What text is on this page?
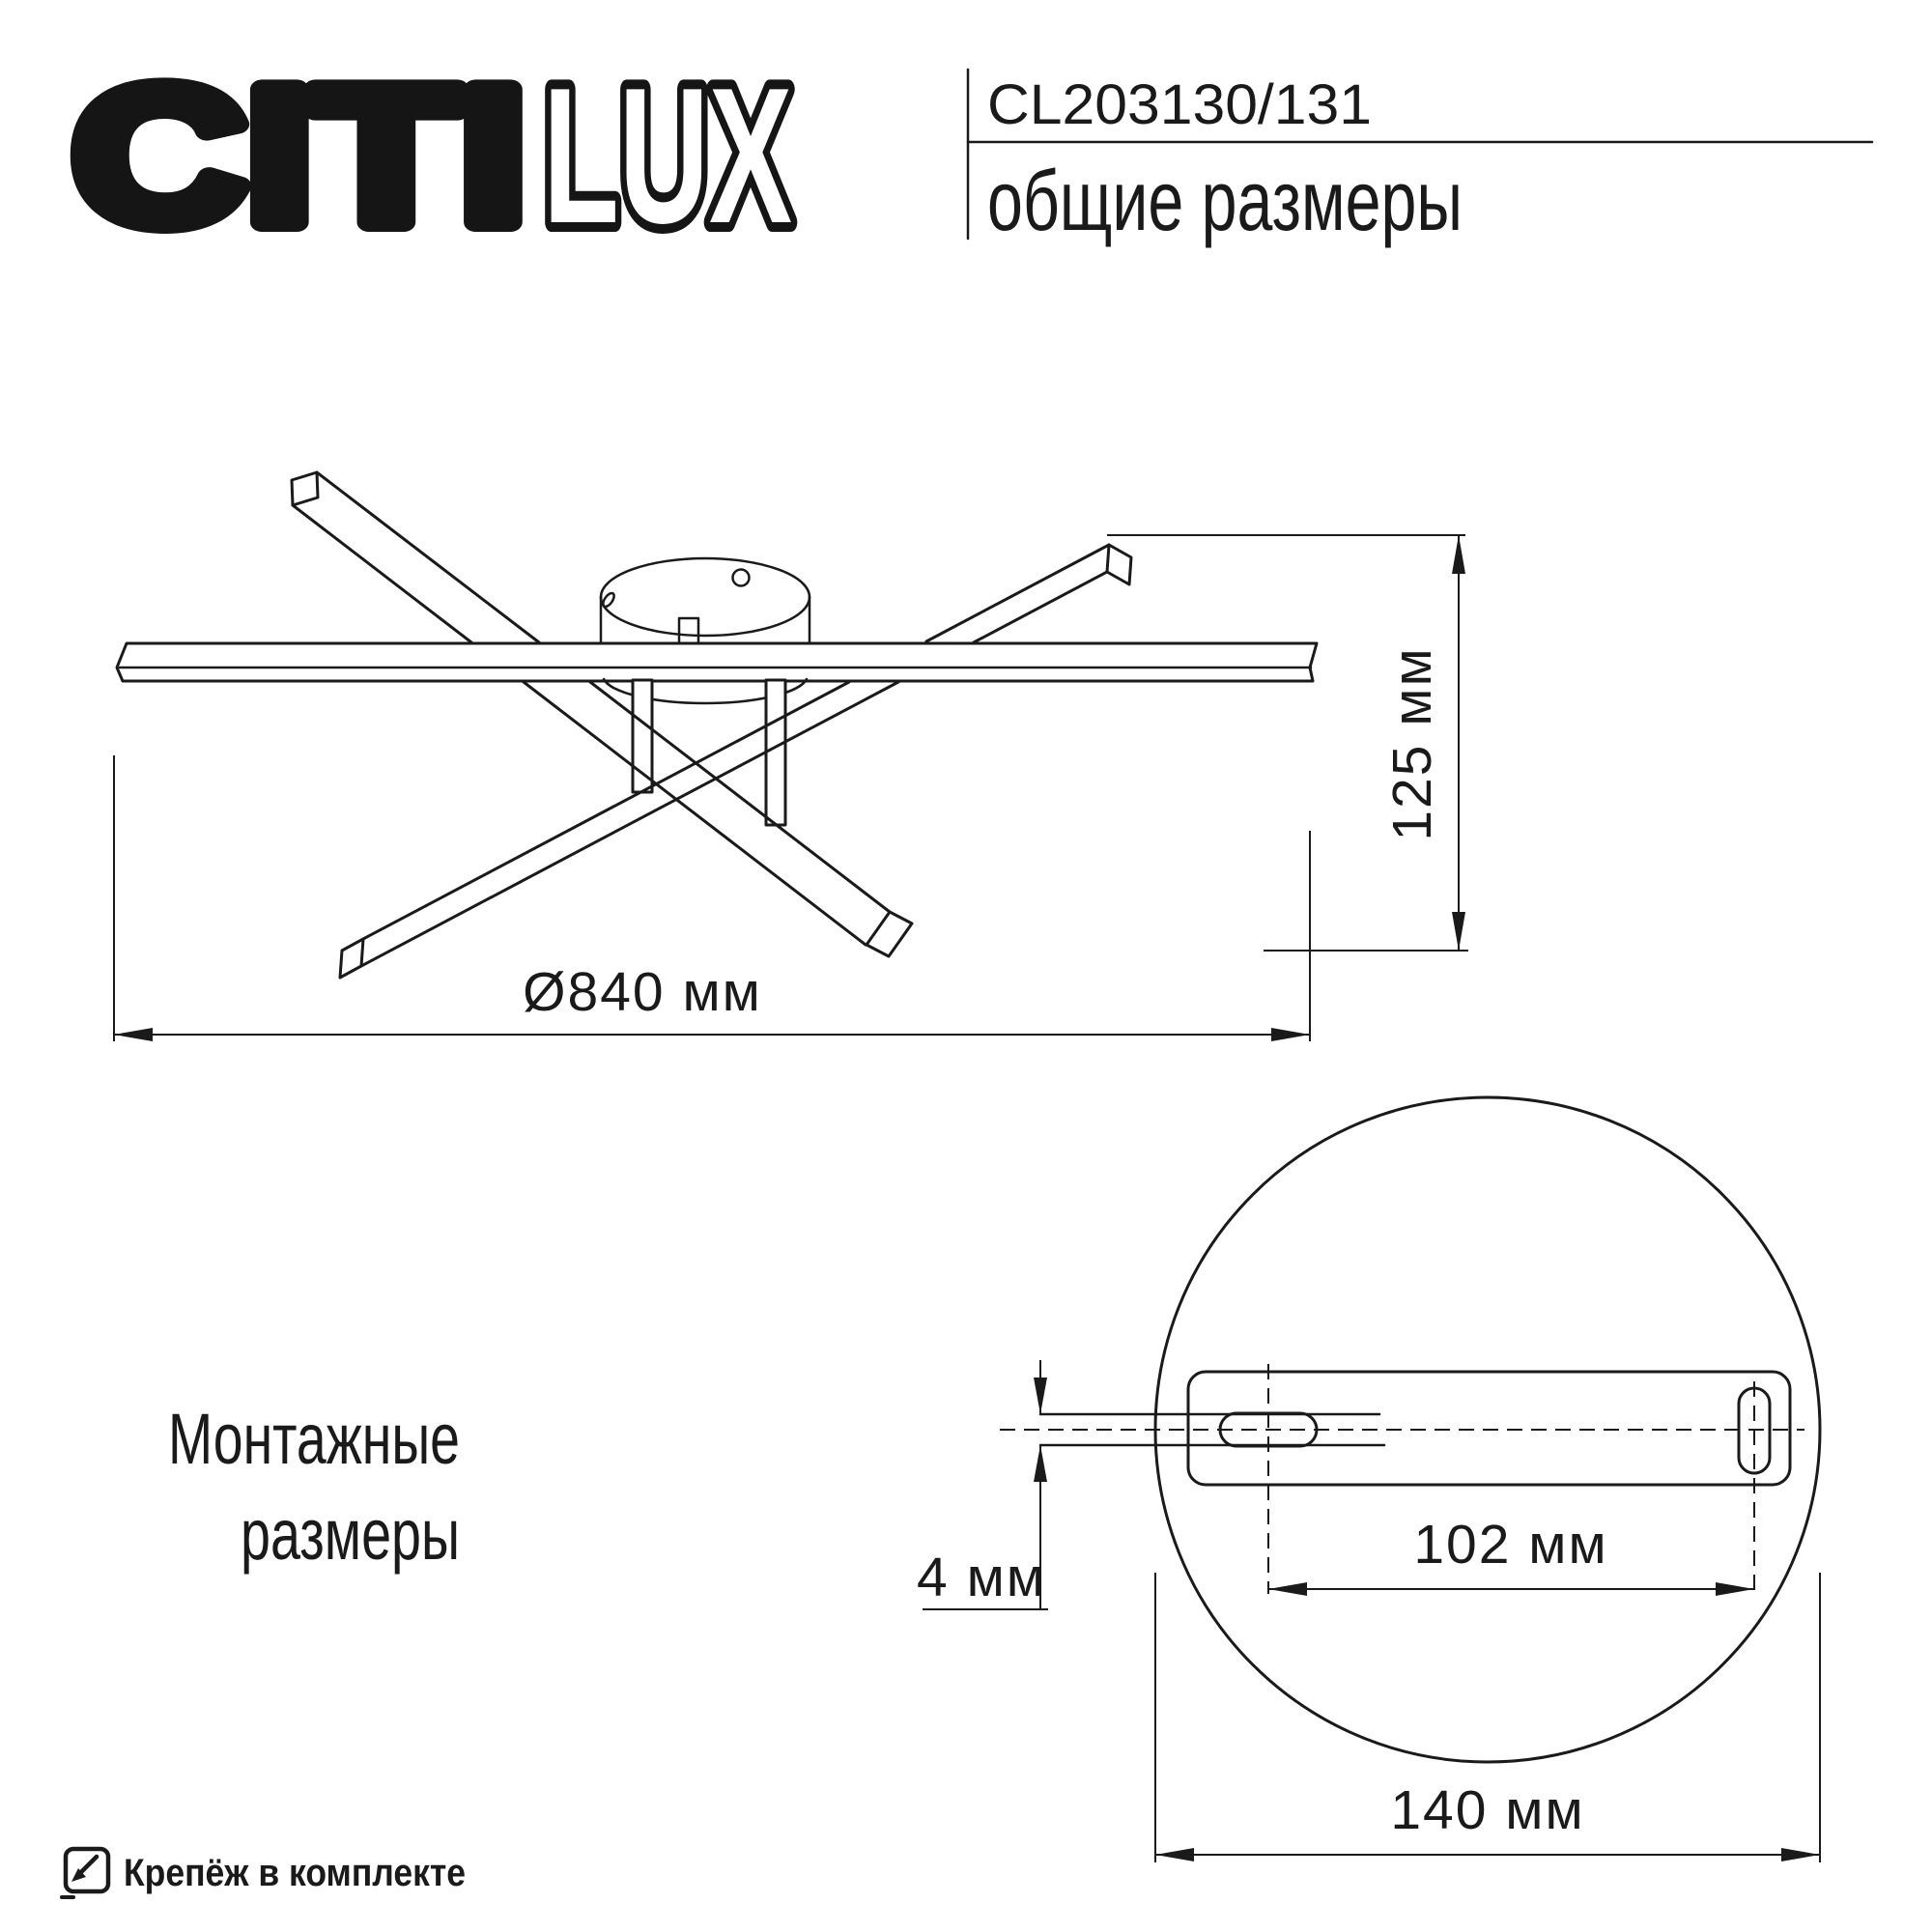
CITI LUX	CL203130/131
общие размеры
Ø840 мм
125 мм
4 мм
102 мм
140 мм
Монтажные
размеры
Крепёж в комплекте
